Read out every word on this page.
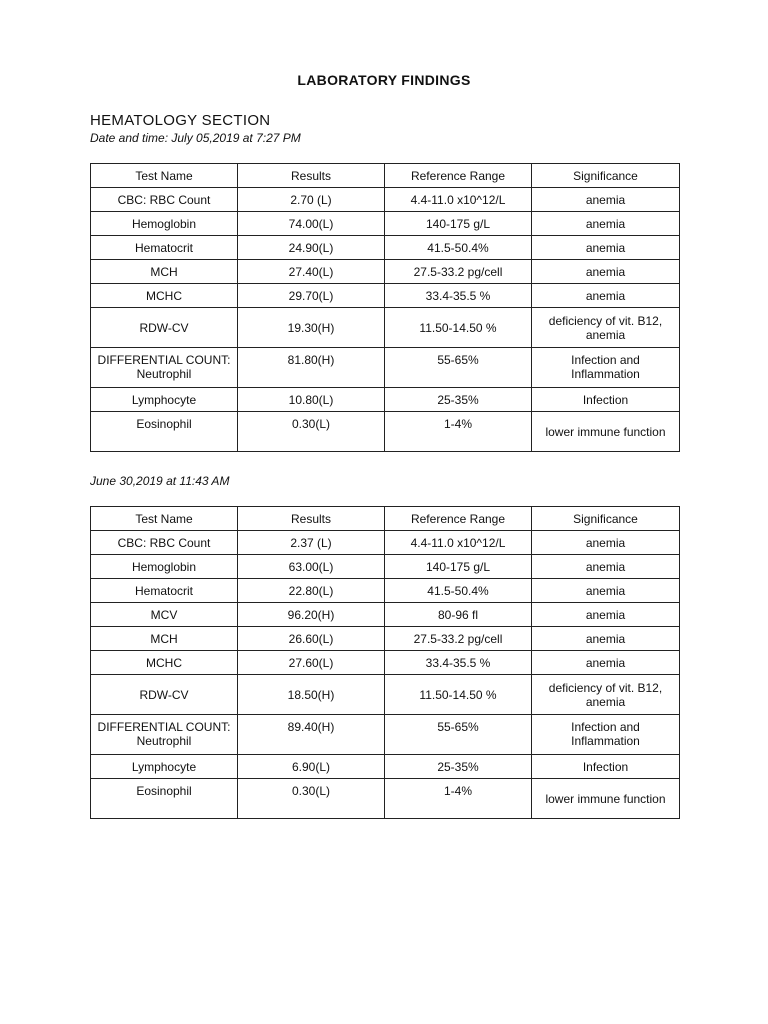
LABORATORY FINDINGS
HEMATOLOGY SECTION
Date and time: July 05,2019 at 7:27 PM
Test Name	Results	Reference Range	Significance
CBC: RBC Count	2.70 (L)	4.4-11.0 x10^12/L	anemia
Hemoglobin	74.00(L)	140-175 g/L	anemia
Hematocrit	24.90(L)	41.5-50.4%	anemia
MCH	27.40(L)	27.5-33.2 pg/cell	anemia
MCHC	29.70(L)	33.4-35.5 %	anemia
RDW-CV	19.30(H)	11.50-14.50 %	deficiency of vit. B12, anemia
DIFFERENTIAL COUNT: Neutrophil	81.80(H)	55-65%	Infection and Inflammation
Lymphocyte	10.80(L)	25-35%	Infection
Eosinophil	0.30(L)	1-4%	lower immune function
June 30,2019 at 11:43 AM
Test Name	Results	Reference Range	Significance
CBC: RBC Count	2.37 (L)	4.4-11.0 x10^12/L	anemia
Hemoglobin	63.00(L)	140-175 g/L	anemia
Hematocrit	22.80(L)	41.5-50.4%	anemia
MCV	96.20(H)	80-96 fl	anemia
MCH	26.60(L)	27.5-33.2 pg/cell	anemia
MCHC	27.60(L)	33.4-35.5 %	anemia
RDW-CV	18.50(H)	11.50-14.50 %	deficiency of vit. B12, anemia
DIFFERENTIAL COUNT: Neutrophil	89.40(H)	55-65%	Infection and Inflammation
Lymphocyte	6.90(L)	25-35%	Infection
Eosinophil	0.30(L)	1-4%	lower immune function
